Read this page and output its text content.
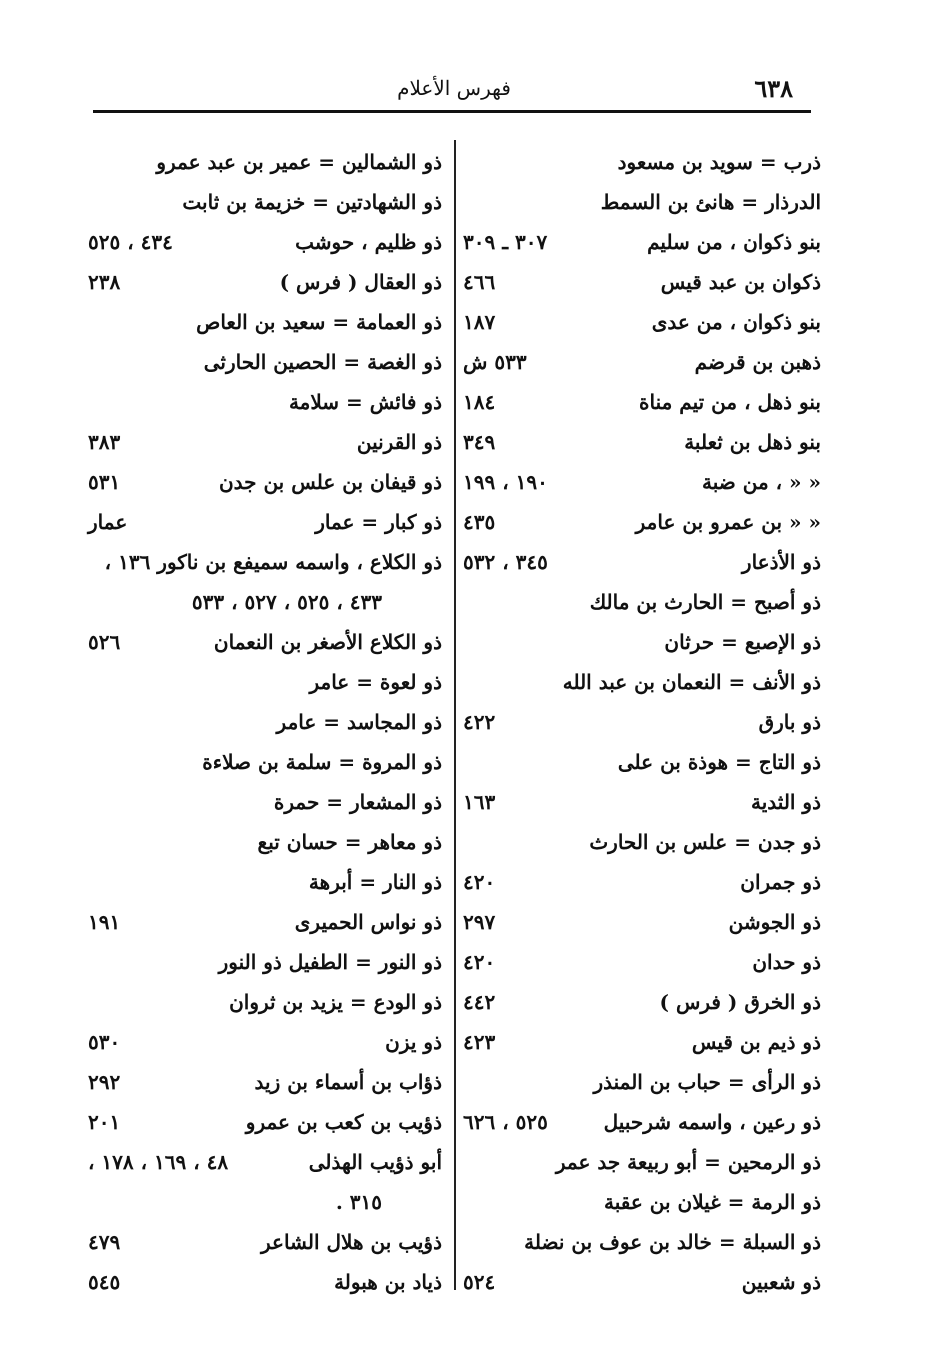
٦٣٨
فهرس الأعلام
ذرب = سويد بن مسعود
الدرذار = هانئ بن السمط
بنو ذكوان ، من سليم
٣٠٧ ـ ٣٠٩
ذكوان بن عبد قيس
٤٦٦
بنو ذكوان ، من عدى
١٨٧
ذهبن بن قرضم
٥٣٣ ش
بنو ذهل ، من تيم مناة
١٨٤
بنو ذهل بن ثعلبة
٣٤٩
« « ، من ضبة
١٩٠ ، ١٩٩
« « بن عمرو بن عامر
٤٣٥
ذو الأذعار
٣٤٥ ، ٥٣٢
ذو أصبح = الحارث بن مالك
ذو الإصبع = حرثان
ذو الأنف = النعمان بن عبد الله
ذو بارق
٤٢٢
ذو التاج = هوذة بن على
ذو الثدية
١٦٣
ذو جدن = علس بن الحارث
ذو جمران
٤٢٠
ذو الجوشن
٢٩٧
ذو حدان
٤٢٠
ذو الخرق ( فرس )
٤٤٢
ذو ذيم بن قيس
٤٢٣
ذو الرأى = حباب بن المنذر
ذو رعين ، واسمه شرحبيل
٥٢٥ ، ٦٢٦
ذو الرمحين = أبو ربيعة جد عمر
ذو الرمة = غيلان بن عقبة
ذو السبلة = خالد بن عوف بن نضلة
ذو شعبين
٥٢٤
ذو الشمالين = عمير بن عبد عمرو
ذو الشهادتين = خزيمة بن ثابت
ذو ظليم ، حوشب
٤٣٤ ، ٥٢٥
ذو العقال ( فرس )
٢٣٨
ذو العمامة = سعيد بن العاص
ذو الغصة = الحصين الحارثى
ذو فائش = سلامة
ذو القرنين
٣٨٣
ذو قيفان بن علس بن جدن
٥٣١
ذو كبار = عمار
عمار
ذو الكلاع ، واسمه سميفع بن ناكور ١٣٦ ،
٤٣٣ ، ٥٢٥ ، ٥٢٧ ، ٥٣٣
ذو الكلاع الأصغر بن النعمان
٥٢٦
ذو لعوة = عامر
ذو المجاسد = عامر
ذو المروة = سلمة بن صلاءة
ذو المشعار = حمرة
ذو معاهر = حسان تبع
ذو النار = أبرهة
ذو نواس الحميرى
١٩١
ذو النور = الطفيل ذو النور
ذو الودع = يزيد بن ثروان
ذو يزن
٥٣٠
ذؤاب بن أسماء بن زيد
٢٩٢
ذؤيب بن كعب بن عمرو
٢٠١
أبو ذؤيب الهذلى
٤٨ ، ١٦٩ ، ١٧٨ ،
٣١٥ .
ذؤيب بن هلال الشاعر
٤٧٩
ذياد بن هبولة
٥٤٥
